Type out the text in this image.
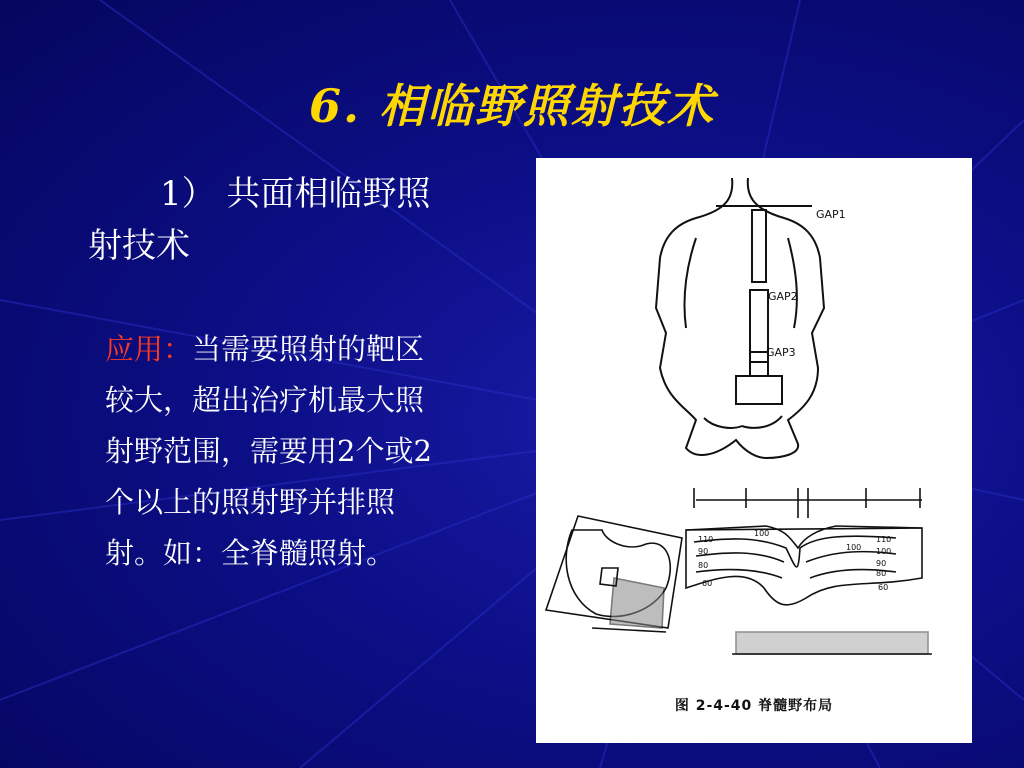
6. 相临野照射技术
1） 共面相临野照射技术
应用：当需要照射的靶区较大，超出治疗机最大照射野范围，需要用2个或2个以上的照射野并排照射。如：全脊髓照射。
GAP1
GAP2
GAP3
110
100
90
80
60
100
110
100
90
80
60
图 2-4-40 脊髓野布局
